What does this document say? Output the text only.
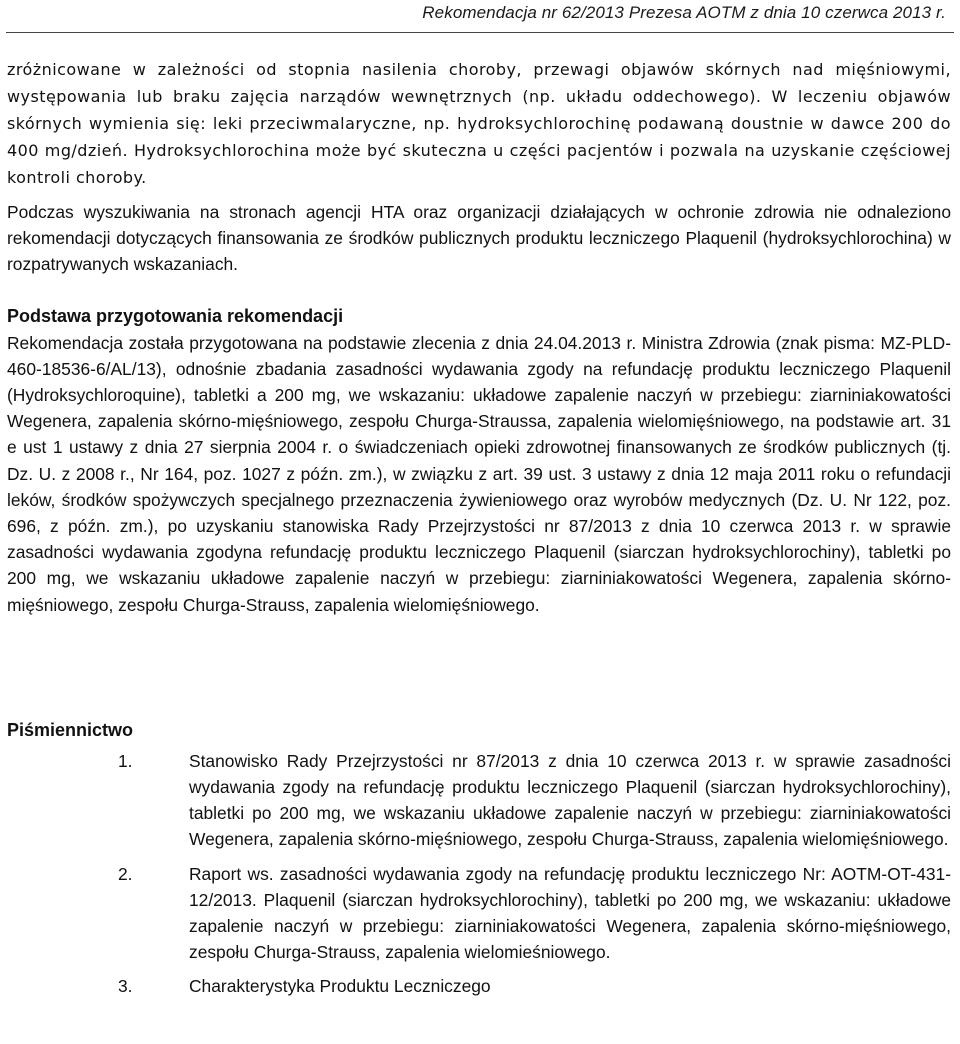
Rekomendacja nr 62/2013 Prezesa AOTM z dnia 10 czerwca 2013 r.

zróżnicowane w zależności od stopnia nasilenia choroby, przewagi objawów skórnych nad mięśniowymi, występowania lub braku zajęcia narządów wewnętrznych (np. układu oddechowego). W leczeniu objawów skórnych wymienia się: leki przeciwmalaryczne, np. hydroksychlorochinę podawaną doustnie w dawce 200 do 400 mg/dzień. Hydroksychlorochina może być skuteczna u części pacjentów i pozwala na uzyskanie częściowej kontroli choroby.

Podczas wyszukiwania na stronach agencji HTA oraz organizacji działających w ochronie zdrowia nie odnaleziono rekomendacji dotyczących finansowania ze środków publicznych produktu leczniczego Plaquenil (hydroksychlorochina) w rozpatrywanych wskazaniach.

Podstawa przygotowania rekomendacji

Rekomendacja została przygotowana na podstawie zlecenia z dnia 24.04.2013 r. Ministra Zdrowia (znak pisma: MZ-PLD-460-18536-6/AL/13), odnośnie zbadania zasadności wydawania zgody na refundację produktu leczniczego Plaquenil (Hydroksychloroquine), tabletki a 200 mg, we wskazaniu: układowe zapalenie naczyń w przebiegu: ziarniniakowatości Wegenera, zapalenia skórno-mięśniowego, zespołu Churga-Straussa, zapalenia wielomięśniowego, na podstawie art. 31 e ust 1 ustawy z dnia 27 sierpnia 2004 r. o świadczeniach opieki zdrowotnej finansowanych ze środków publicznych (tj. Dz. U. z 2008 r., Nr 164, poz. 1027 z późn. zm.), w związku z art. 39 ust. 3 ustawy z dnia 12 maja 2011 roku o refundacji leków, środków spożywczych specjalnego przeznaczenia żywieniowego oraz wyrobów medycznych (Dz. U. Nr 122, poz. 696, z późn. zm.), po uzyskaniu stanowiska Rady Przejrzystości nr 87/2013 z dnia 10 czerwca 2013 r. w sprawie zasadności wydawania zgodyna refundację produktu leczniczego Plaquenil (siarczan hydroksychlorochiny), tabletki po 200 mg, we wskazaniu układowe zapalenie naczyń w przebiegu: ziarniniakowatości Wegenera, zapalenia skórno-mięśniowego, zespołu Churga-Strauss, zapalenia wielomięśniowego.

Piśmiennictwo
1.	Stanowisko Rady Przejrzystości nr 87/2013 z dnia 10 czerwca 2013 r. w sprawie zasadności wydawania zgody na refundację produktu leczniczego Plaquenil (siarczan hydroksychlorochiny), tabletki po 200 mg, we wskazaniu układowe zapalenie naczyń w przebiegu: ziarniniakowatości Wegenera, zapalenia skórno-mięśniowego, zespołu Churga-Strauss, zapalenia wielomięśniowego.
2.	Raport ws. zasadności wydawania zgody na refundację produktu leczniczego Nr: AOTM-OT-431-12/2013. Plaquenil (siarczan hydroksychlorochiny), tabletki po 200 mg, we wskazaniu: układowe zapalenie naczyń w przebiegu: ziarniniakowatości Wegenera, zapalenia skórno-mięśniowego, zespołu Churga-Strauss, zapalenia wielomieśniowego.
3.	Charakterystyka Produktu Leczniczego
